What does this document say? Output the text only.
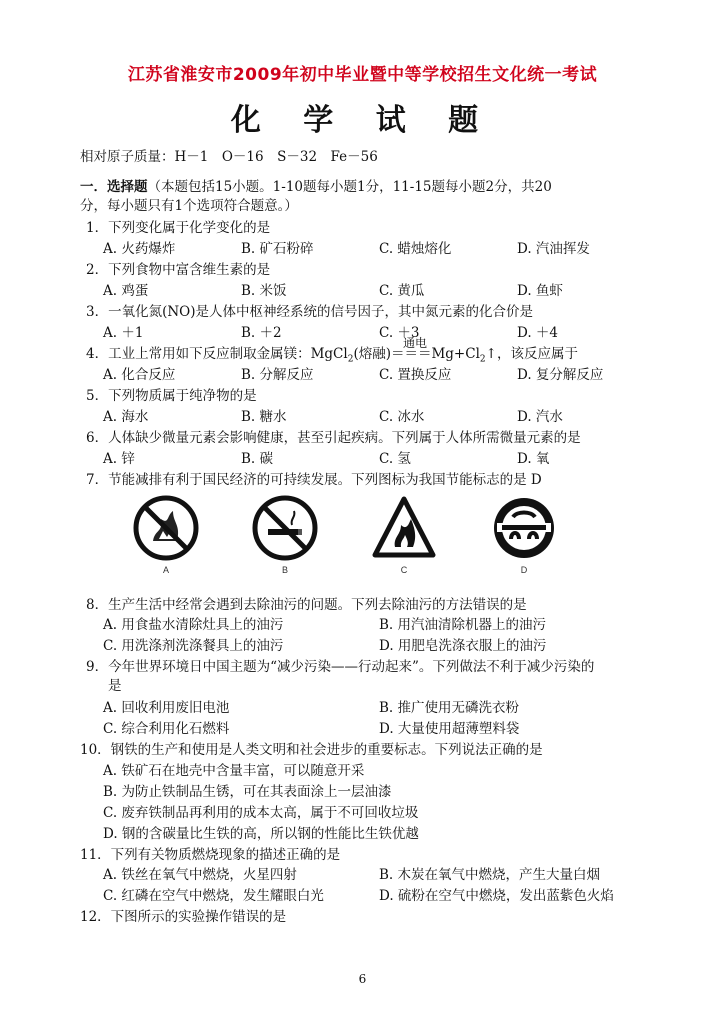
江苏省淮安市2009年初中毕业暨中等学校招生文化统一考试
化 学 试 题
相对原子质量：H－1　O－16　S－32　Fe－56
一．选择题（本题包括15小题。1-10题每小题1分，11-15题每小题2分，共20
分，每小题只有1个选项符合题意。）
1．下列变化属于化学变化的是
A. 火药爆炸	B. 矿石粉碎	C. 蜡烛熔化	D. 汽油挥发
2．下列食物中富含维生素的是
A. 鸡蛋	B. 米饭	C. 黄瓜	D. 鱼虾
3．一氧化氮(NO)是人体中枢神经系统的信号因子，其中氮元素的化合价是
A. ＋1	B. ＋2	C. ＋3	D. ＋4
通电
4．工业上常用如下反应制取金属镁：MgCl$_2$(熔融)$===Mg+Cl_2↑$，该反应属于
A. 化合反应	B. 分解反应	C. 置换反应	D. 复分解反应
5．下列物质属于纯净物的是
A. 海水	B. 糖水	C. 冰水	D. 汽水
6．人体缺少微量元素会影响健康，甚至引起疾病。下列属于人体所需微量元素的是
A. 锌	B. 碳	C. 氢	D. 氧
7．节能减排有利于国民经济的可持续发展。下列图标为我国节能标志的是 D
A	B	C	D
8．生产生活中经常会遇到去除油污的问题。下列去除油污的方法错误的是
A. 用食盐水清除灶具上的油污	B. 用汽油清除机器上的油污
C. 用洗涤剂洗涤餐具上的油污	D. 用肥皂洗涤衣服上的油污
9．今年世界环境日中国主题为“减少污染——行动起来”。下列做法不利于减少污染的
是
A. 回收利用废旧电池	B. 推广使用无磷洗衣粉
C. 综合利用化石燃料	D. 大量使用超薄塑料袋
10．钢铁的生产和使用是人类文明和社会进步的重要标志。下列说法正确的是
A. 铁矿石在地壳中含量丰富，可以随意开采
B. 为防止铁制品生锈，可在其表面涂上一层油漆
C. 废弃铁制品再利用的成本太高，属于不可回收垃圾
D. 钢的含碳量比生铁的高，所以钢的性能比生铁优越
11．下列有关物质燃烧现象的描述正确的是
A. 铁丝在氧气中燃烧，火星四射	B. 木炭在氧气中燃烧，产生大量白烟
C. 红磷在空气中燃烧，发生耀眼白光	D. 硫粉在空气中燃烧，发出蓝紫色火焰
12．下图所示的实验操作错误的是
6
